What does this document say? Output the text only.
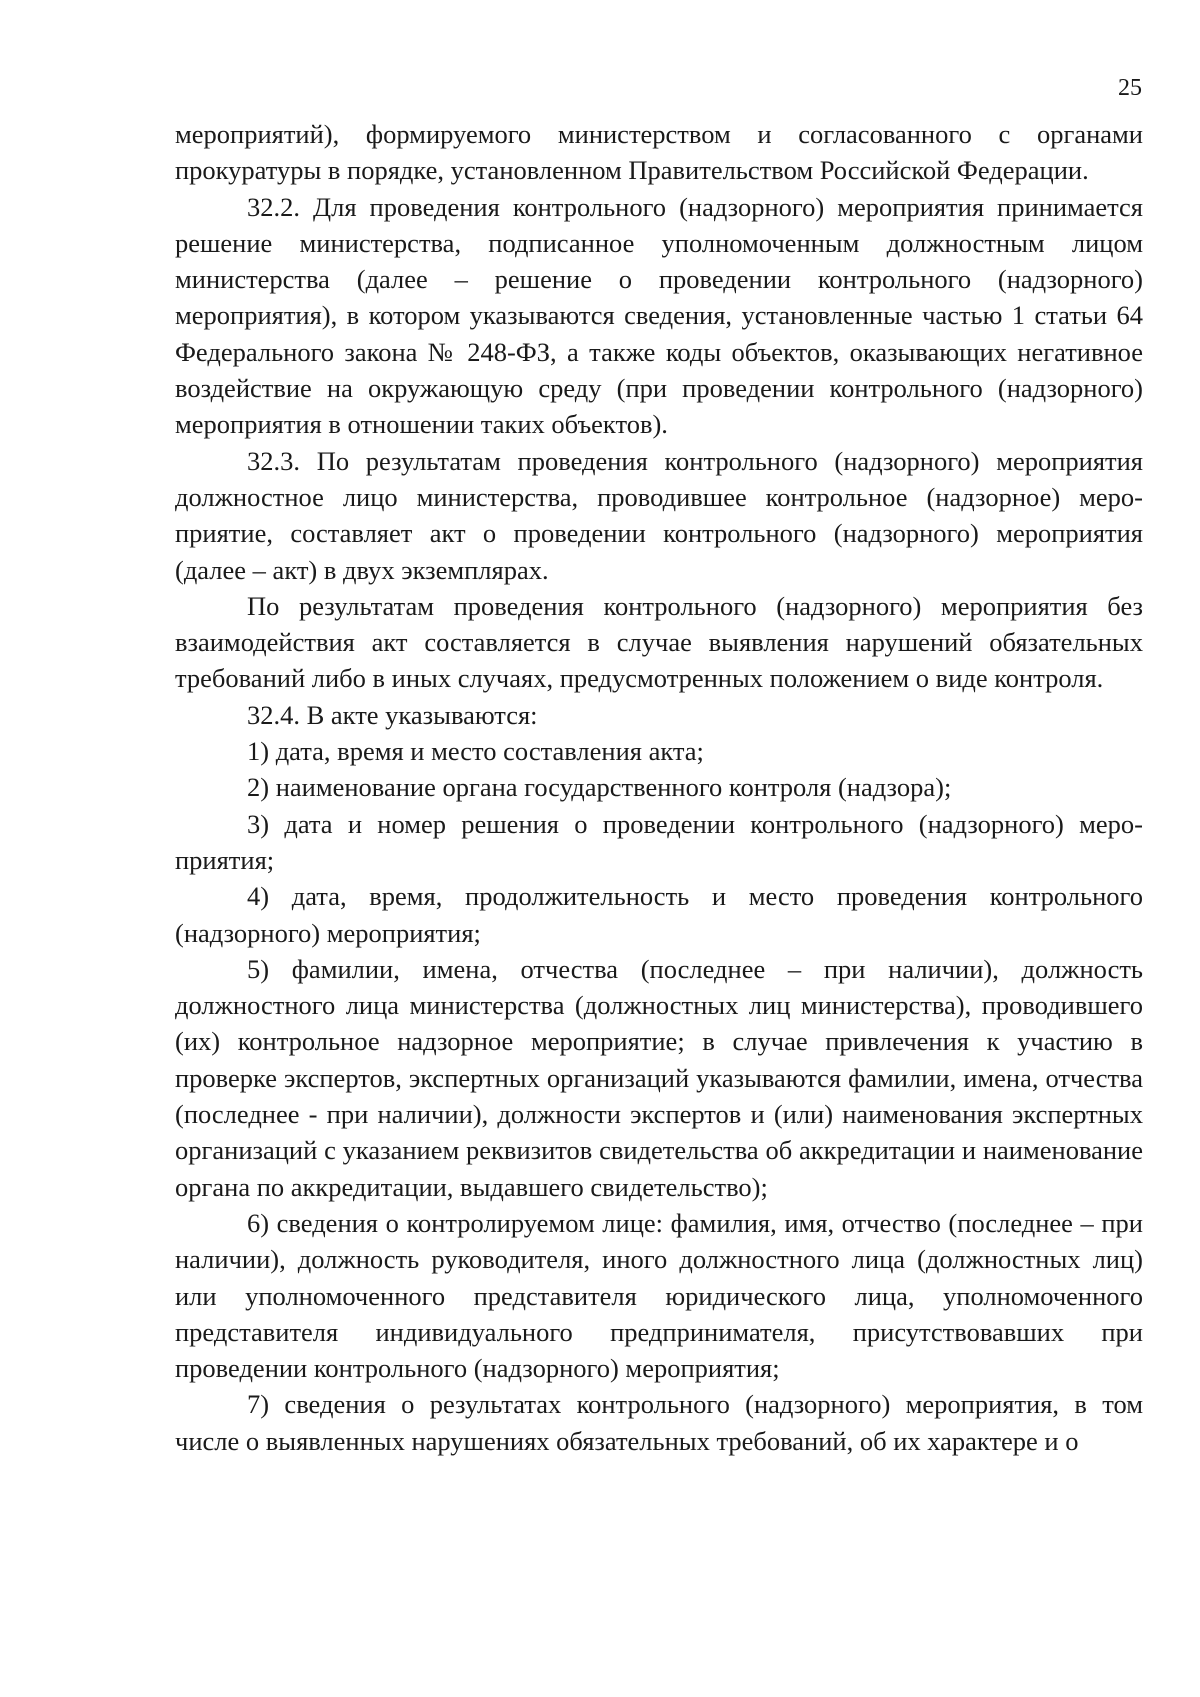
25

мероприятий), формируемого министерством и согласованного с органами прокуратуры в порядке, установленном Правительством Российской Федерации.

32.2. Для проведения контрольного (надзорного) мероприятия принимается решение министерства, подписанное уполномоченным должностным лицом министерства (далее – решение о проведении контрольного (надзорного) мероприятия), в котором указываются сведения, установленные частью 1 статьи 64 Федерального закона № 248-ФЗ, а также коды объектов, оказывающих негативное воздействие на окружающую среду (при проведении контрольного (надзорного) мероприятия в отношении таких объектов).

32.3. По результатам проведения контрольного (надзорного) мероприятия должностное лицо министерства, проводившее контрольное (надзорное) мероприятие, составляет акт о проведении контрольного (надзорного) мероприятия (далее – акт) в двух экземплярах.

По результатам проведения контрольного (надзорного) мероприятия без взаимодействия акт составляется в случае выявления нарушений обязательных требований либо в иных случаях, предусмотренных положением о виде контроля.

32.4. В акте указываются:

1) дата, время и место составления акта;

2) наименование органа государственного контроля (надзора);

3) дата и номер решения о проведении контрольного (надзорного) мероприятия;

4) дата, время, продолжительность и место проведения контрольного (надзорного) мероприятия;

5) фамилии, имена, отчества (последнее – при наличии), должность должностного лица министерства (должностных лиц министерства), проводившего (их) контрольное надзорное мероприятие; в случае привлечения к участию в проверке экспертов, экспертных организаций указываются фамилии, имена, отчества (последнее - при наличии), должности экспертов и (или) наименования экспертных организаций с указанием реквизитов свидетельства об аккредитации и наименование органа по аккредитации, выдавшего свидетельство);

6) сведения о контролируемом лице: фамилия, имя, отчество (последнее – при наличии), должность руководителя, иного должностного лица (должностных лиц) или уполномоченного представителя юридического лица, уполномоченного представителя индивидуального предпринимателя, присутствовавших при проведении контрольного (надзорного) мероприятия;

7) сведения о результатах контрольного (надзорного) мероприятия, в том числе о выявленных нарушениях обязательных требований, об их характере и о
